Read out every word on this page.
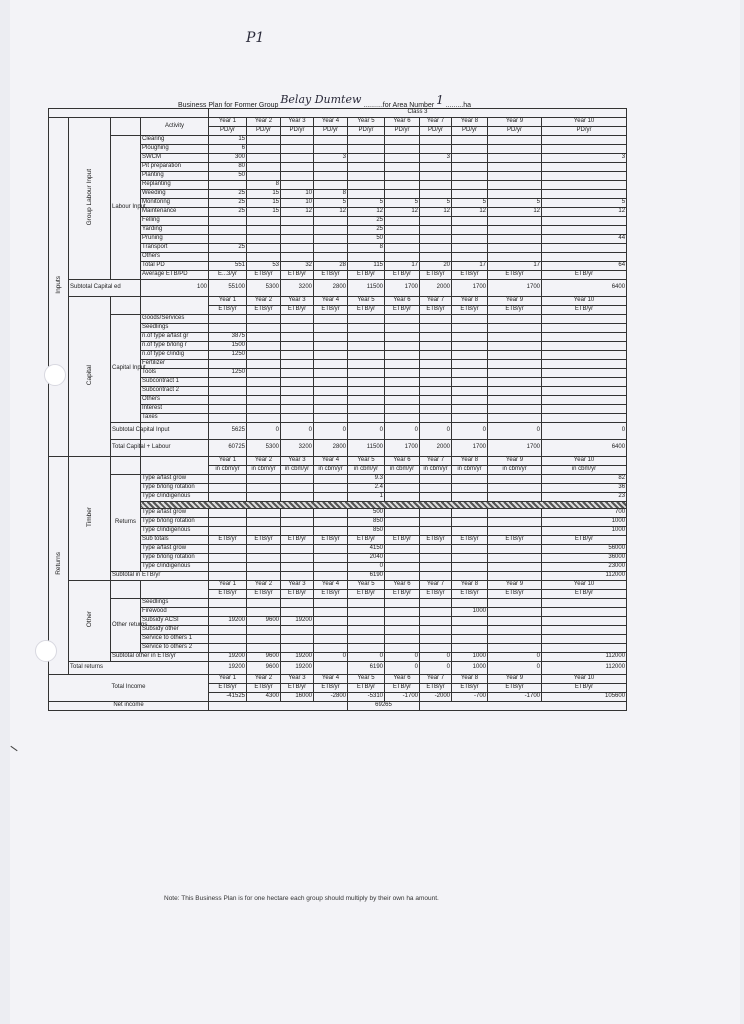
P1
Business Plan for Former Group Belay Dumtew ..........for Area Number 1 .........ha
				Class 3									
Inputs	Group Labour Input		Activity	Year 1	Year 2	Year 3	Year 4	Year 5	Year 6	Year 7	Year 8	Year 9	Year 10
				PD/yr	PD/yr	PD/yr	PD/yr	PD/yr	PD/yr	PD/yr	PD/yr	PD/yr	PD/yr
		Labour Input	Clearing	15									
			Ploughing	6									
			SWCM	300			3			3			3
			Pit preparation	80									
			Planting	50									
			Replanting		8								
			Weeding	25	15	10	8						
			Monitoring	25	15	10	5	5	5	5	5	5	5
			Maintenance	25	15	12	12	12	12	12	12	12	12
			Felling					25					
			Yarding					25					
			Pruning					50					44
			Transport	25				8					
			Others										
			Total PD	551	53	32	28	115	17	20	17	17	64
			Average ETB/PD	E...3/yr	ETB/yr	ETB/yr	ETB/yr	ETB/yr	ETB/yr	ETB/yr	ETB/yr	ETB/yr	ETB/yr
	Subtotal Capital ed		100	55100	5300	3200	2800	11500	1700	2000	1700	1700	6400
	Capital			Year 1	Year 2	Year 3	Year 4	Year 5	Year 6	Year 7	Year 8	Year 9	Year 10
				ETB/yr	ETB/yr	ETB/yr	ETB/yr	ETB/yr	ETB/yr	ETB/yr	ETB/yr	ETB/yr	ETB/yr
		Capital Input	Goods/Services										
			Seedlings										
			n.of type a/fast gr	3875									
			n.of type b/long r	1500									
			n.of type c/indig	1250									
			Fertilizer										
			Tools	1250									
			Subcontract 1										
			Subcontract 2										
			Others										
			Interest										
			Taxes										
		Subtotal Capital Input		5625	0	0	0	0	0	0	0	0	0
		Total Capital + Labour		60725	5300	3200	2800	11500	1700	2000	1700	1700	6400
Returns	Timber			Year 1	Year 2	Year 3	Year 4	Year 5	Year 6	Year 7	Year 8	Year 9	Year 10
				in cbm/yr	in cbm/yr	in cbm/yr	in cbm/yr	in cbm/yr	in cbm/yr	in cbm/yr	in cbm/yr	in cbm/yr	in cbm/yr
		Returns	Type a/fast grow					9.3					82
			Type b/long rotation					2.4					36
			Type c/indigenous					1					23

			Type a/fast grow					500					700
			Type b/long rotation					850					1000
			Type c/indigenous					850					1000
			Sub totals	ETB/yr	ETB/yr	ETB/yr	ETB/yr	ETB/yr	ETB/yr	ETB/yr	ETB/yr	ETB/yr	ETB/yr
			Type a/fast grow					4150					56000
			Type b/long rotation					2040					36000
			Type c/indigenous					0					23000
		Subtotal in ETB/yr						6190					112000
	Other			Year 1	Year 2	Year 3	Year 4	Year 5	Year 6	Year 7	Year 8	Year 9	Year 10
				ETB/yr	ETB/yr	ETB/yr	ETB/yr	ETB/yr	ETB/yr	ETB/yr	ETB/yr	ETB/yr	ETB/yr
		Other returns	Seedlings										
			Firewood								1000		
			Subsidy ACSI	19200	9600	19200							
			Subsidy other										
			Service to others 1										
			Service to others 2										
		Subtotal other in ETB/yr		19200	9600	19200	0	0	0	0	1000	0	112000
	Total returns			19200	9600	19200		6190	0	0	1000	0	112000
Total Income				Year 1	Year 2	Year 3	Year 4	Year 5	Year 6	Year 7	Year 8	Year 9	Year 10
				ETB/yr	ETB/yr	ETB/yr	ETB/yr	ETB/yr	ETB/yr	ETB/yr	ETB/yr	ETB/yr	ETB/yr
				-41525	4300	16000	-2800	-5310	-1700	-2000	-700	-1700	105600
Net income								69265					
Note: This Business Plan is for one hectare each group should multiply by their own ha amount.
